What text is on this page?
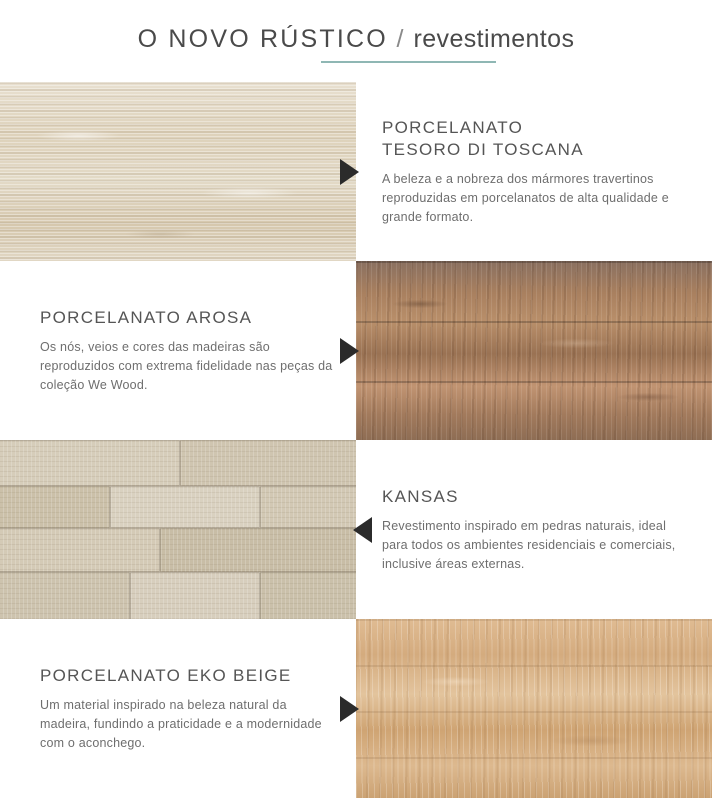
O NOVO RÚSTICO / revestimentos
PORCELANATO
TESORO DI TOSCANA
A beleza e a nobreza dos mármores travertinos reproduzidas em porcelanatos de alta qualidade e grande formato.
PORCELANATO AROSA
Os nós, veios e cores das madeiras são reproduzidos com extrema fidelidade nas peças da coleção We Wood.
KANSAS
Revestimento inspirado em pedras naturais, ideal para todos os ambientes residenciais e comerciais, inclusive áreas externas.
PORCELANATO EKO BEIGE
Um material inspirado na beleza natural da madeira, fundindo a praticidade e a modernidade com o aconchego.
